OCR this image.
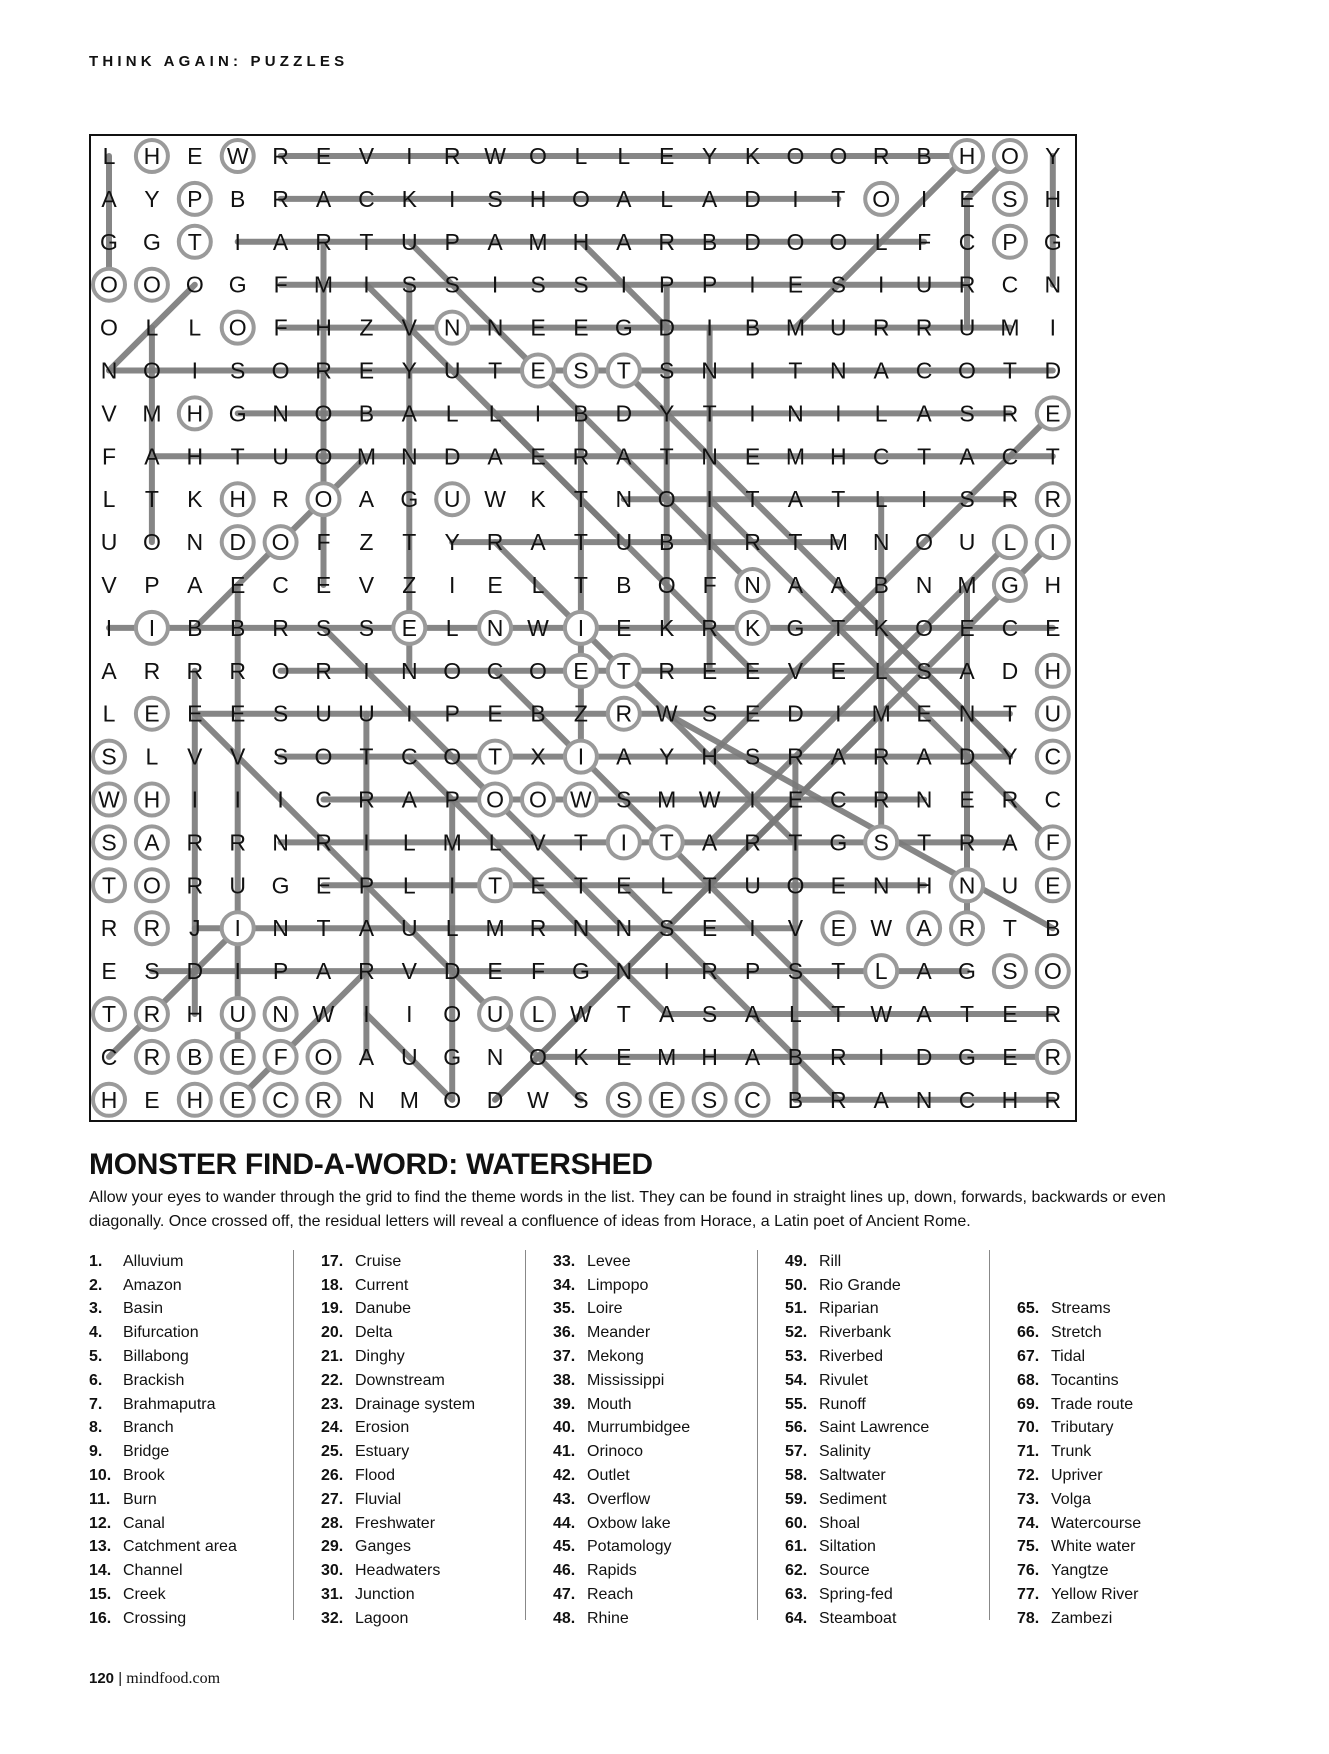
THINK AGAIN: PUZZLES
L H E W R E V I R W O L L E Y K O O R B H O Y
A Y P B R A C K I S H O A L A D I T O I E S H
G G T I A R T U P A M H A R B D O O L F C P G
O O O G F M I S S I S S I P P I E S I U R C N
O L L O F H Z V N N E E G D I B M U R R U M I
N O I S O R E Y U T E S T S N I T N A C O T D
V M H G N O B A L L I B D Y T I N I L A S R E
F A H T U O M N D A E R A T N E M H C T A C T
L T K H R O A G U W K T N O I T A T L I S R R
U O N D O F Z T Y R A T U B I R T M N O U L I
V P A E C E V Z I E L T B O F N A A B N M G H
I I B B R S S E L N W I E K R K G T K O E C E
A R R R O R I N O C O E T R E E V E L S A D H
L E E E S U U I P E B Z R W S E D I M E N T U
S L V V S O T C O T X I A Y H S R A R A D Y C
W H I I I C R A P O O W S M W I E C R N E R C
S A R R N R I L M L V T I T A R T G S T R A F
T O R U G E P L I T E T E L T U O E N H N U E
R R J I N T A U L M R N N S E I V E W A R T B
E S D I P A R V D E F G N I R P S T L A G S O
T R H U N W I I O U L W T A S A L T W A T E R
C R B E F O A U G N O K E M H A B R I D G E R
H E H E C R N M O D W S S E S C B R A N C H R
MONSTER FIND-A-WORD: WATERSHED
Allow your eyes to wander through the grid to find the theme words in the list. They can be found in straight lines up, down, forwards, backwards or even diagonally. Once crossed off, the residual letters will reveal a confluence of ideas from Horace, a Latin poet of Ancient Rome.
1.	Alluvium
2.	Amazon
3.	Basin
4.	Bifurcation
5.	Billabong
6.	Brackish
7.	Brahmaputra
8.	Branch
9.	Bridge
10. Brook
11. Burn
12. Canal
13. Catchment area
14. Channel
15. Creek
16. Crossing
17. Cruise
18. Current
19. Danube
20. Delta
21. Dinghy
22. Downstream
23. Drainage system
24. Erosion
25. Estuary
26. Flood
27. Fluvial
28. Freshwater
29. Ganges
30. Headwaters
31. Junction
32. Lagoon
33. Levee
34. Limpopo
35. Loire
36. Meander
37. Mekong
38. Mississippi
39. Mouth
40. Murrumbidgee
41. Orinoco
42. Outlet
43. Overflow
44. Oxbow lake
45. Potamology
46. Rapids
47. Reach
48. Rhine
49. Rill
50. Rio Grande
51. Riparian
52. Riverbank
53. Riverbed
54. Rivulet
55. Runoff
56. Saint Lawrence
57. Salinity
58. Saltwater
59. Sediment
60. Shoal
61. Siltation
62. Source
63. Spring-fed
64. Steamboat
65. Streams
66. Stretch
67. Tidal
68. Tocantins
69. Trade route
70. Tributary
71. Trunk
72. Upriver
73. Volga
74. Watercourse
75. White water
76. Yangtze
77. Yellow River
78. Zambezi
120 | mindfood.com
